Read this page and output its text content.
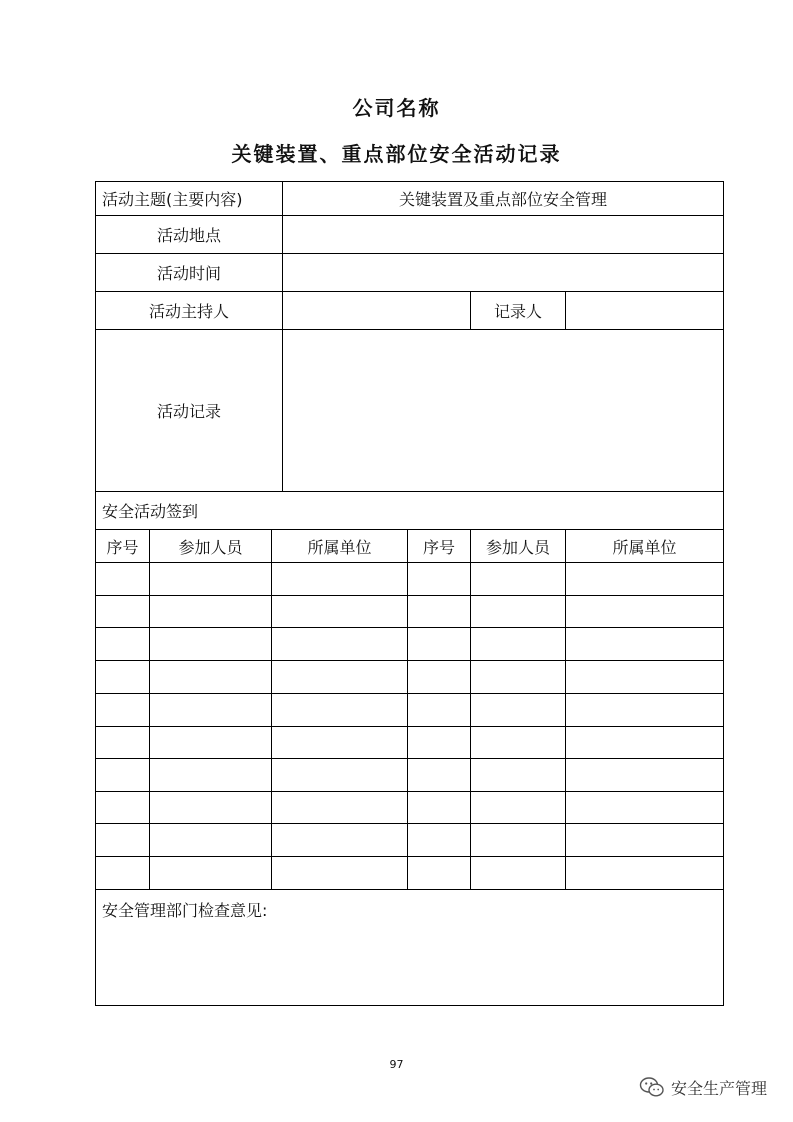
公司名称
关键装置、重点部位安全活动记录
活动主题(主要内容)			关键装置及重点部位安全管理			
活动地点						
活动时间						
活动主持人					记录人	
活动记录						
安全活动签到						
序号	参加人员	所属单位		序号	参加人员	所属单位

安全管理部门检查意见:						
97
安全生产管理
